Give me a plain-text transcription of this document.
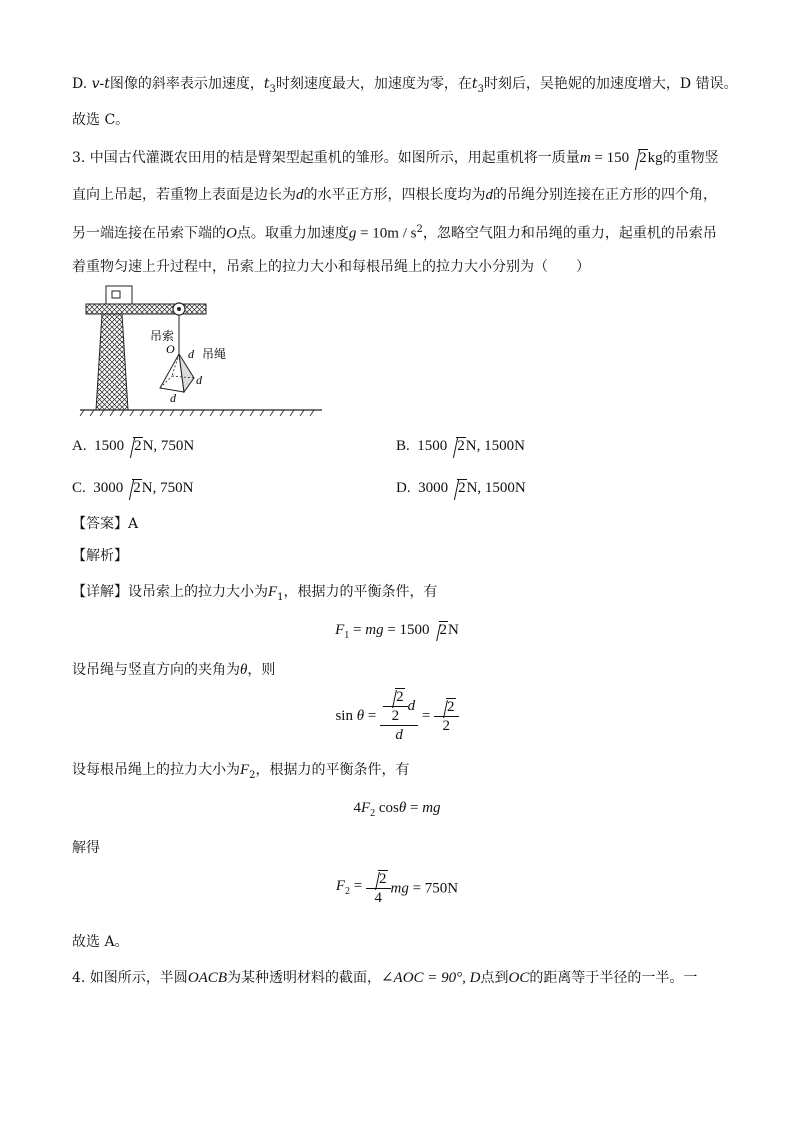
D. v-t图像的斜率表示加速度，$t_3$时刻速度最大，加速度为零，在$t_3$时刻后，吴艳妮的加速度增大，D 错误。
故选 C。
3. 中国古代灌溉农田用的桔是臂架型起重机的雏形。如图所示，用起重机将一质量m = 150 2kg的重物竖
直向上吊起，若重物上表面是边长为d的水平正方形，四根长度均为d的吊绳分别连接在正方形的四个角，
另一端连接在吊索下端的O点。取重力加速度$g = 10m / s^2$，忽略空气阻力和吊绳的重力，起重机的吊索吊
着重物匀速上升过程中，吊索上的拉力大小和每根吊绳上的拉力大小分别为（　　）
吊索
O 吊绳
d
d
d
A. 1500 2N, 750N	B. 1500 2N, 1500N
C. 3000 2N, 750N	D. 3000 2N, 1500N
【答案】A
【解析】
【详解】设吊索上的拉力大小为$F_1$，根据力的平衡条件，有
$F_1$ = mg = 1500 2N
设吊绳与竖直方向的夹角为θ，则
$\sin \theta = \frac{\frac{2}{2} d}{d} = \frac{2}{2}$
设每根吊绳上的拉力大小为$F_2$，根据力的平衡条件，有
$4F_2$ cosθ = mg
解得
$F_2 = \frac{2}{4}$ mg = 750N
故选 A。
4. 如图所示，半圆OACB为某种透明材料的截面，∠AOC = 90°, D点到OC的距离等于半径的一半。一
